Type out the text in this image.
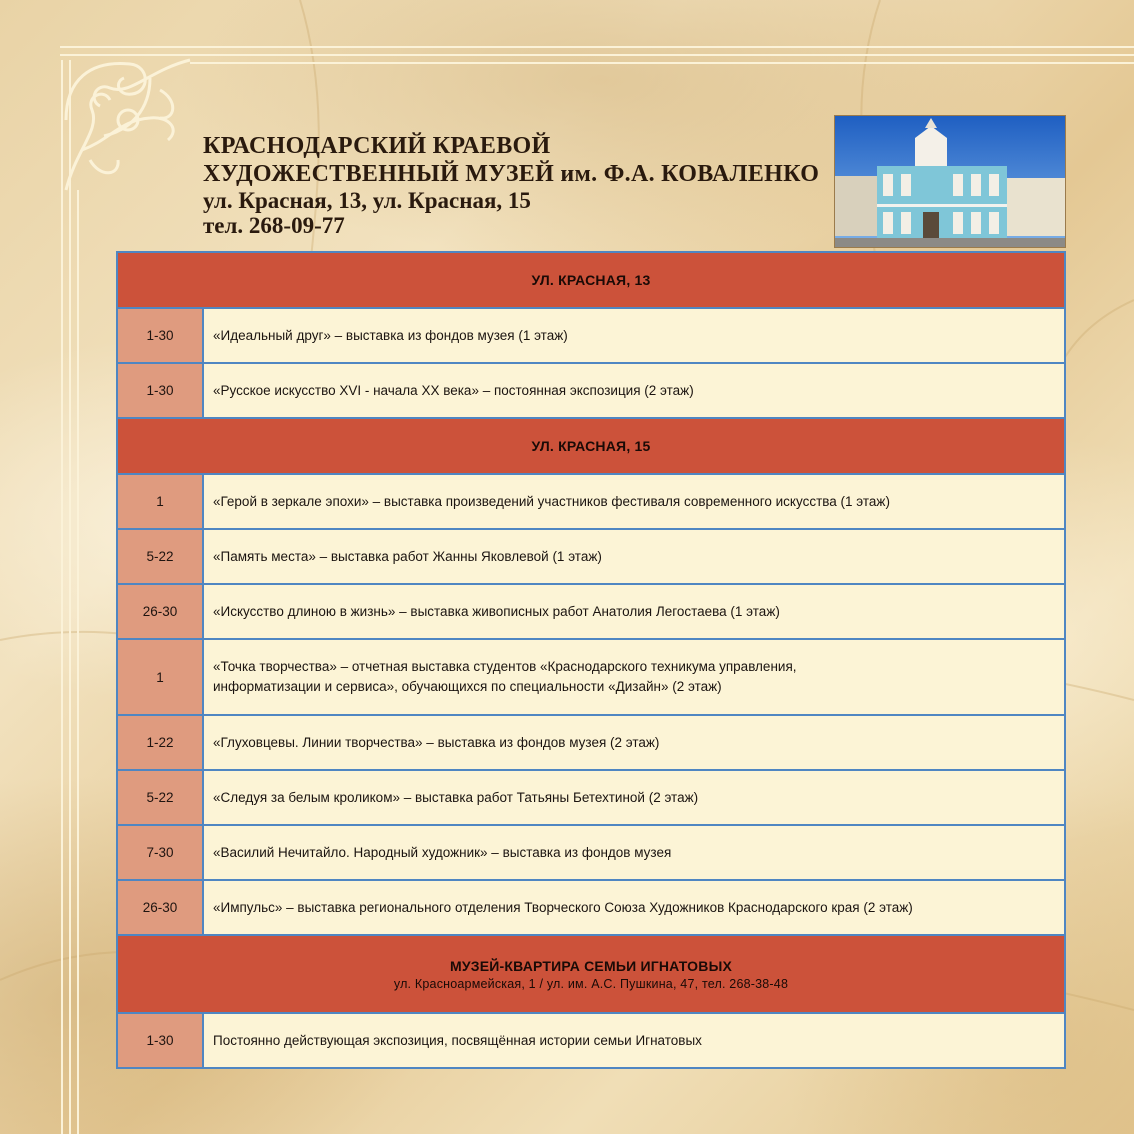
КРАСНОДАРСКИЙ КРАЕВОЙ
ХУДОЖЕСТВЕННЫЙ МУЗЕЙ им. Ф.А. КОВАЛЕНКО
ул. Красная, 13, ул. Красная, 15
тел. 268-09-77
УЛ. КРАСНАЯ, 13	

1-30	«Идеальный друг» – выставка из фондов музея (1 этаж)

1-30	«Русское искусство XVI - начала XX века» – постоянная экспозиция (2 этаж)

УЛ. КРАСНАЯ, 15	

1	«Герой в зеркале эпохи» – выставка произведений участников фестиваля современного искусства (1 этаж)

5-22	«Память места» – выставка работ Жанны Яковлевой (1 этаж)

26-30	«Искусство длиною в жизнь» – выставка живописных работ Анатолия Легостаева (1 этаж)

1	«Точка творчества» – отчетная выставка студентов «Краснодарского техникума управления,
информатизации и сервиса», обучающихся по специальности «Дизайн» (2 этаж)

1-22	«Глуховцевы. Линии творчества» – выставка из фондов музея (2 этаж)

5-22	«Следуя за белым кроликом» – выставка работ Татьяны Бетехтиной (2 этаж)

7-30	«Василий Нечитайло. Народный художник» – выставка из фондов музея

26-30	«Импульс» – выставка регионального отделения Творческого Союза Художников Краснодарского края (2 этаж)

МУЗЕЙ-КВАРТИРА СЕМЬИ ИГНАТОВЫХ
ул. Красноармейская, 1 / ул. им. А.С. Пушкина, 47, тел. 268-38-48	

1-30	Постоянно действующая экспозиция, посвящённая истории семьи Игнатовых
